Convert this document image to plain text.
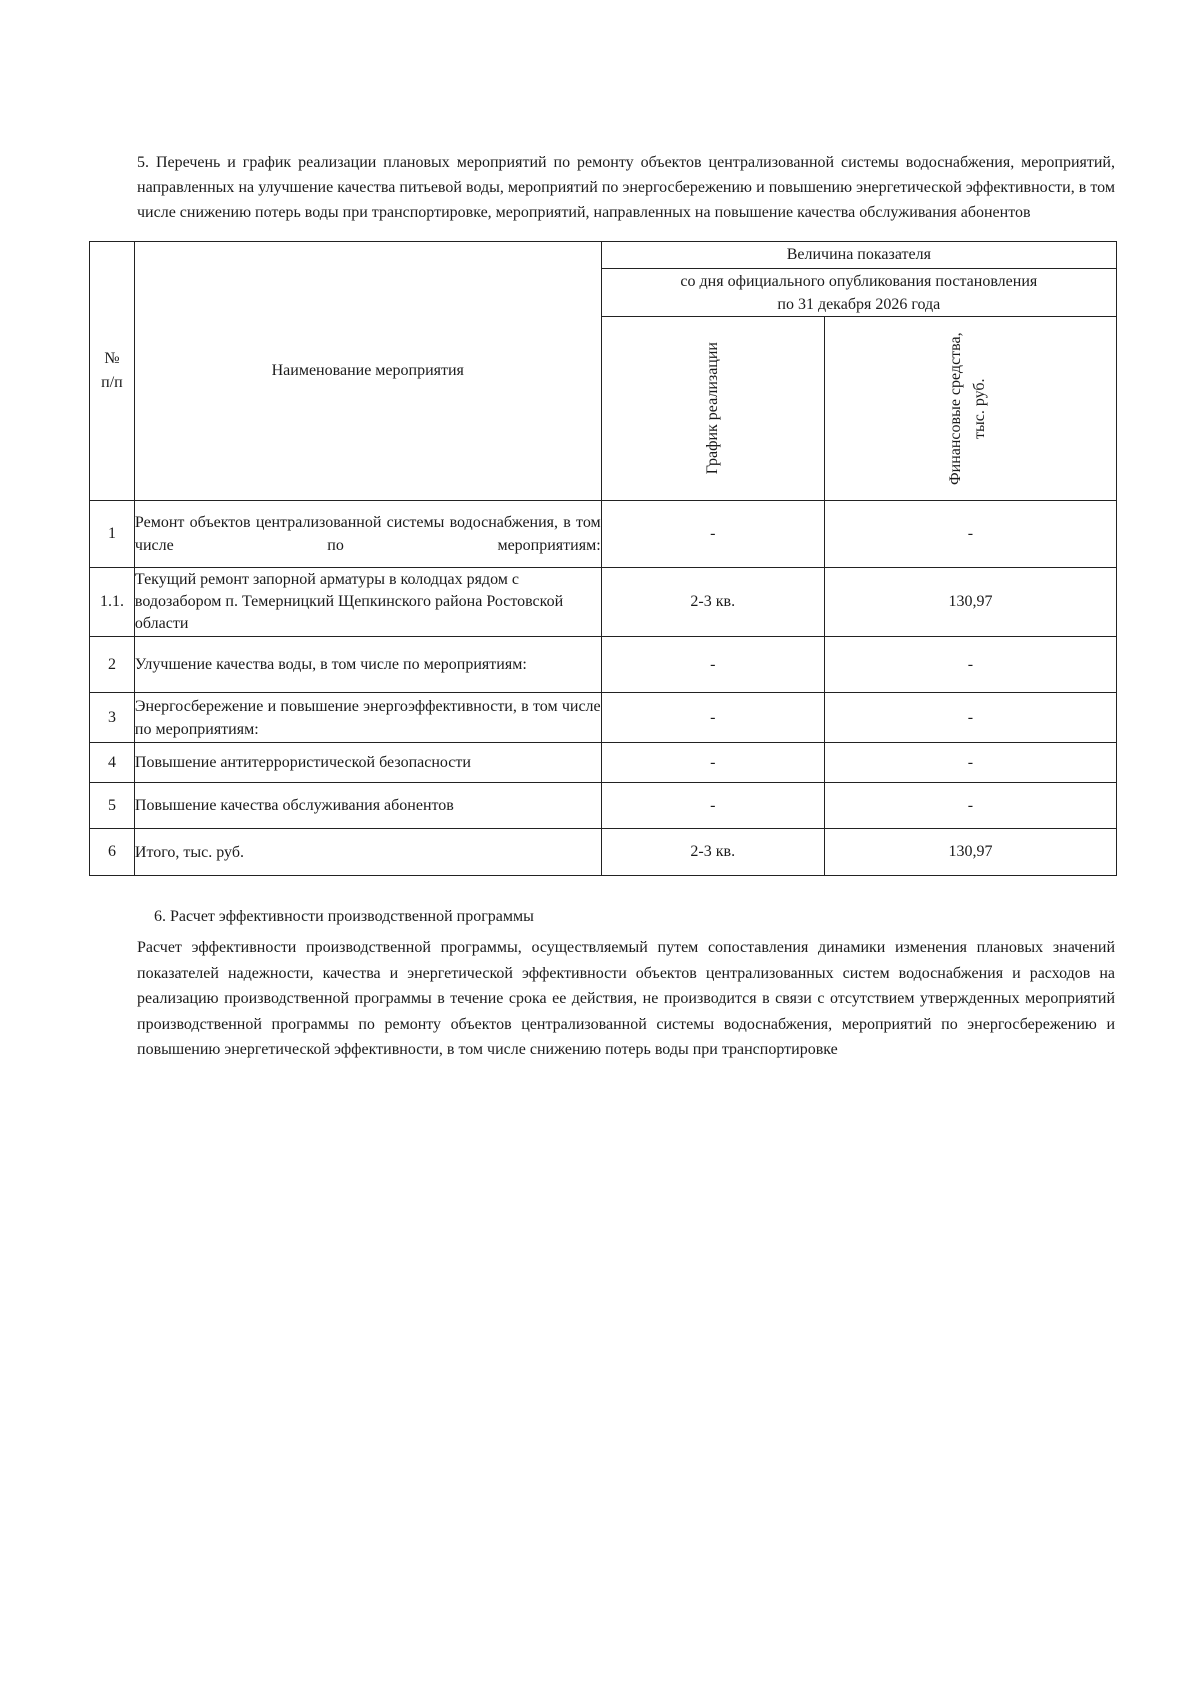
5. Перечень и график реализации плановых мероприятий по ремонту объектов централизованной системы водоснабжения, мероприятий, направленных на улучшение качества питьевой воды, мероприятий по энергосбережению и повышению энергетической эффективности, в том числе снижению потерь воды при транспортировке, мероприятий, направленных на повышение качества обслуживания абонентов

№
п/п	Наименование мероприятия	Величина показателя	

		со дня официального опубликования постановления
по 31 декабря 2026 года	

		График реализации	Финансовые средства, тыс. руб.

1	Ремонт объектов централизованной системы водоснабжения, в том числе по мероприятиям:	-	-
1.1.	Текущий ремонт запорной арматуры в колодцах рядом с водозабором п. Темерницкий Щепкинского района Ростовской области	2-3 кв.	130,97
2	Улучшение качества воды, в том числе по мероприятиям:	-	-
3	Энергосбережение и повышение энергоэффективности, в том числе по мероприятиям:	-	-
4	Повышение антитеррористической безопасности	-	-
5	Повышение качества обслуживания абонентов	-	-
6	Итого, тыс. руб.	2-3 кв.	130,97
6. Расчет эффективности производственной программы

Расчет эффективности производственной программы, осуществляемый путем сопоставления динамики изменения плановых значений показателей надежности, качества и энергетической эффективности объектов централизованных систем водоснабжения и расходов на реализацию производственной программы в течение срока ее действия, не производится в связи с отсутствием утвержденных мероприятий производственной программы по ремонту объектов централизованной системы водоснабжения, мероприятий по энергосбережению и повышению энергетической эффективности, в том числе снижению потерь воды при транспортировке
